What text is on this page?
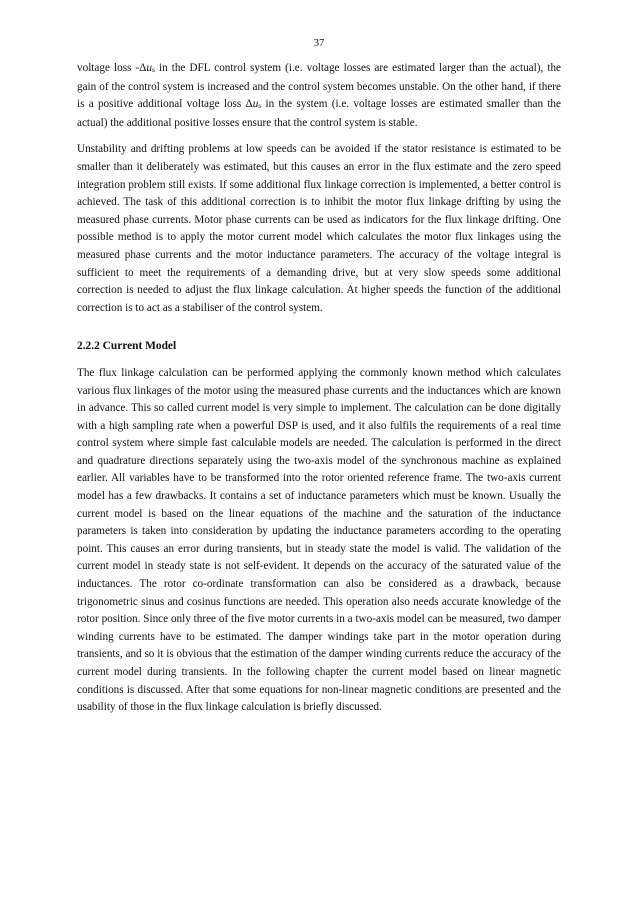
37

voltage loss -Δus in the DFL control system (i.e. voltage losses are estimated larger than the actual), the gain of the control system is increased and the control system becomes unstable. On the other hand, if there is a positive additional voltage loss Δus in the system (i.e. voltage losses are estimated smaller than the actual) the additional positive losses ensure that the control system is stable.

Unstability and drifting problems at low speeds can be avoided if the stator resistance is estimated to be smaller than it deliberately was estimated, but this causes an error in the flux estimate and the zero speed integration problem still exists. If some additional flux linkage correction is implemented, a better control is achieved. The task of this additional correction is to inhibit the motor flux linkage drifting by using the measured phase currents. Motor phase currents can be used as indicators for the flux linkage drifting. One possible method is to apply the motor current model which calculates the motor flux linkages using the measured phase currents and the motor inductance parameters. The accuracy of the voltage integral is sufficient to meet the requirements of a demanding drive, but at very slow speeds some additional correction is needed to adjust the flux linkage calculation. At higher speeds the function of the additional correction is to act as a stabiliser of the control system.

2.2.2 Current Model

The flux linkage calculation can be performed applying the commonly known method which calculates various flux linkages of the motor using the measured phase currents and the inductances which are known in advance. This so called current model is very simple to implement. The calculation can be done digitally with a high sampling rate when a powerful DSP is used, and it also fulfils the requirements of a real time control system where simple fast calculable models are needed. The calculation is performed in the direct and quadrature directions separately using the two-axis model of the synchronous machine as explained earlier. All variables have to be transformed into the rotor oriented reference frame. The two-axis current model has a few drawbacks. It contains a set of inductance parameters which must be known. Usually the current model is based on the linear equations of the machine and the saturation of the inductance parameters is taken into consideration by updating the inductance parameters according to the operating point. This causes an error during transients, but in steady state the model is valid. The validation of the current model in steady state is not self-evident. It depends on the accuracy of the saturated value of the inductances. The rotor co-ordinate transformation can also be considered as a drawback, because trigonometric sinus and cosinus functions are needed. This operation also needs accurate knowledge of the rotor position. Since only three of the five motor currents in a two-axis model can be measured, two damper winding currents have to be estimated. The damper windings take part in the motor operation during transients, and so it is obvious that the estimation of the damper winding currents reduce the accuracy of the current model during transients. In the following chapter the current model based on linear magnetic conditions is discussed. After that some equations for non-linear magnetic conditions are presented and the usability of those in the flux linkage calculation is briefly discussed.
